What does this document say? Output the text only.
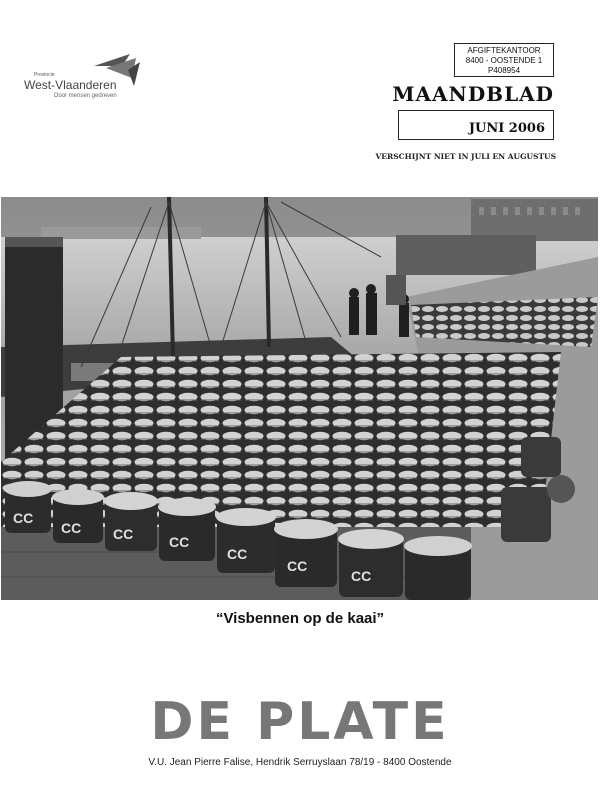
Provincie
West-Vlaanderen
Door mensen gedreven
AFGIFTEKANTOOR
8400 - OOSTENDE 1
P408954
MAANDBLAD
JUNI 2006
VERSCHIJNT NIET IN JULI EN AUGUSTUS
CC
CC CC	CC
CC
CC
CC
“Visbennen op de kaai”
DE PLATE
V.U. Jean Pierre Falise, Hendrik Serruyslaan 78/19 - 8400 Oostende
